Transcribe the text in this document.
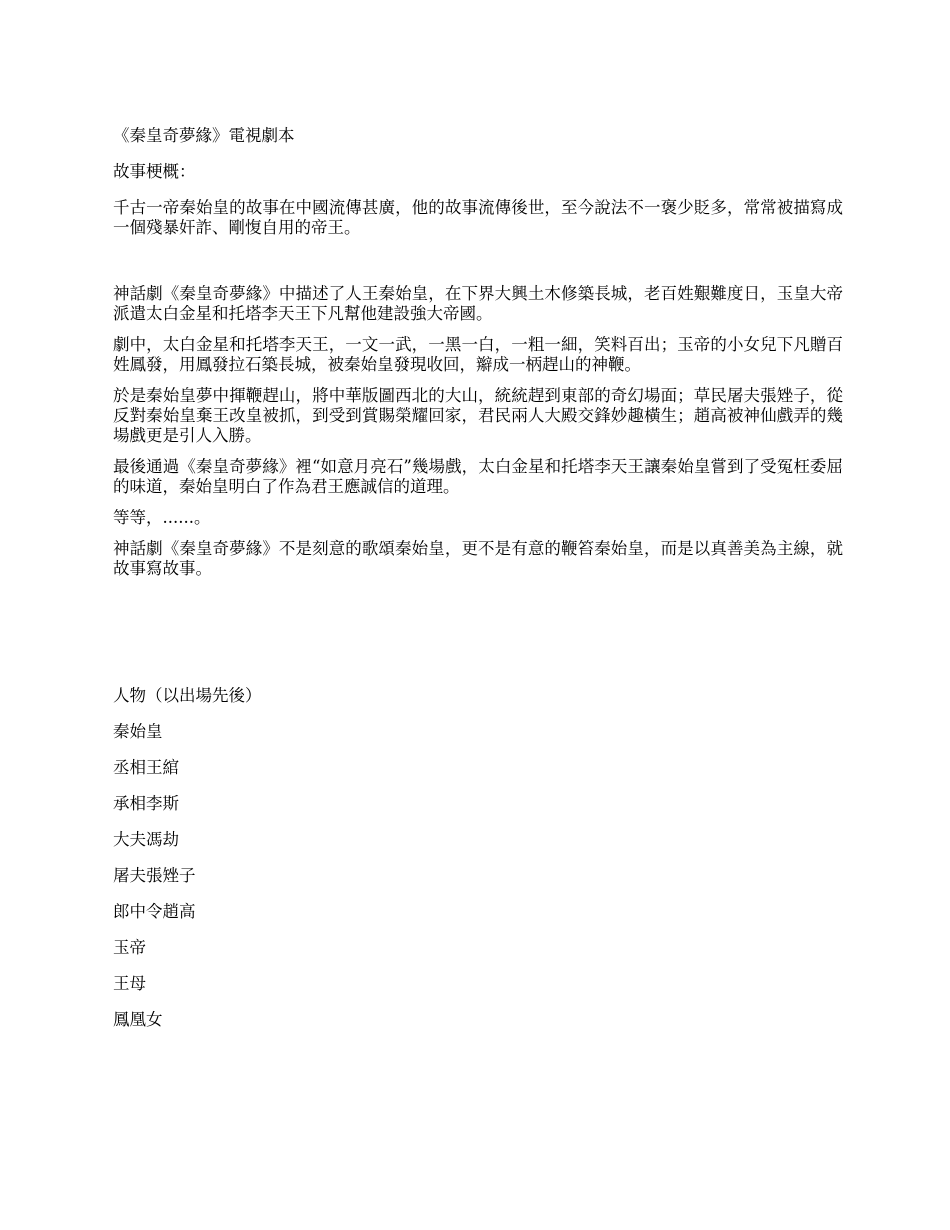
《秦皇奇夢緣》電視劇本

故事梗概：

千古一帝秦始皇的故事在中國流傳甚廣，他的故事流傳後世，至今說法不一褒少貶多，常常被描寫成一個殘暴奸詐、剛愎自用的帝王。

神話劇《秦皇奇夢緣》中描述了人王秦始皇，在下界大興土木修築長城，老百姓艱難度日，玉皇大帝派遣太白金星和托塔李天王下凡幫他建設強大帝國。

劇中，太白金星和托塔李天王，一文一武，一黑一白，一粗一細，笑料百出；玉帝的小女兒下凡贈百姓鳳發，用鳳發拉石築長城，被秦始皇發現收回，辮成一柄趕山的神鞭。

於是秦始皇夢中揮鞭趕山，將中華版圖西北的大山，統統趕到東部的奇幻場面；草民屠夫張矬子，從反對秦始皇棄王改皇被抓，到受到賞賜榮耀回家，君民兩人大殿交鋒妙趣橫生；趙高被神仙戲弄的幾場戲更是引人入勝。

最後通過《秦皇奇夢緣》裡“如意月亮石”幾場戲，太白金星和托塔李天王讓秦始皇嘗到了受冤枉委屈的味道，秦始皇明白了作為君王應誠信的道理。

等等，......。

神話劇《秦皇奇夢緣》不是刻意的歌頌秦始皇，更不是有意的鞭笞秦始皇，而是以真善美為主線，就故事寫故事。

人物（以出場先後）

秦始皇

丞相王綰

承相李斯

大夫馮劫

屠夫張矬子

郎中令趙高

玉帝

王母

鳳凰女
